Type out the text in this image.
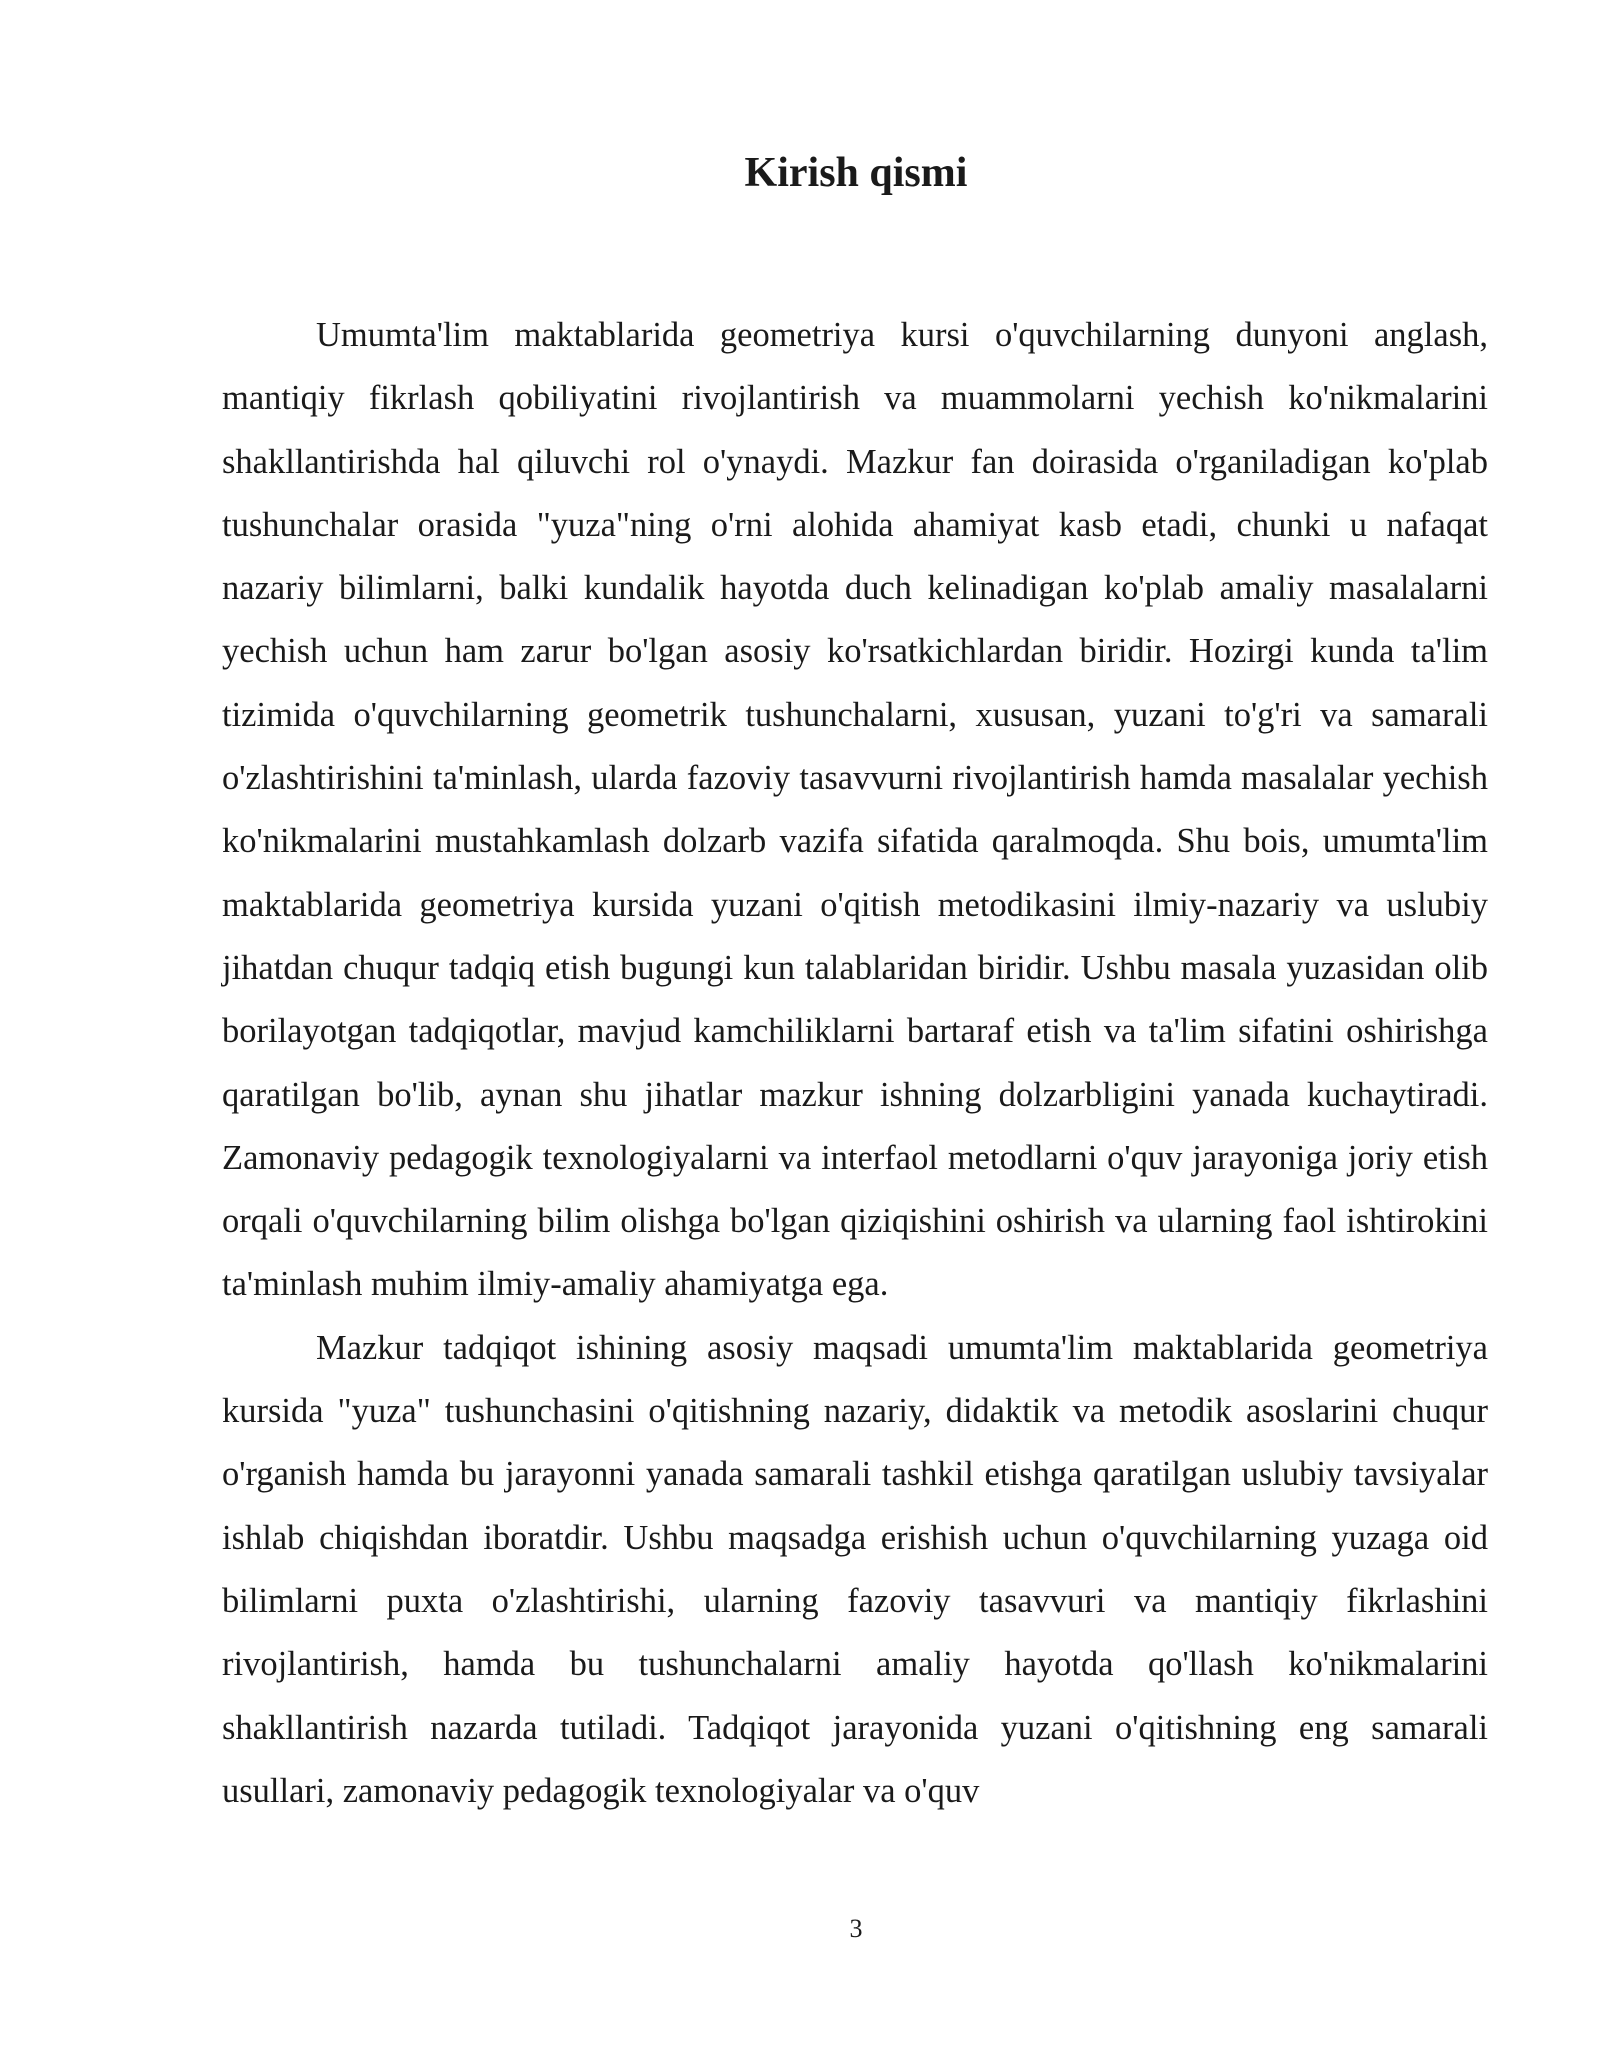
Kirish qismi

Umumta'lim maktablarida geometriya kursi o'quvchilarning dunyoni anglash, mantiqiy fikrlash qobiliyatini rivojlantirish va muammolarni yechish ko'nikmalarini shakllantirishda hal qiluvchi rol o'ynaydi. Mazkur fan doirasida o'rganiladigan ko'plab tushunchalar orasida "yuza"ning o'rni alohida ahamiyat kasb etadi, chunki u nafaqat nazariy bilimlarni, balki kundalik hayotda duch kelinadigan ko'plab amaliy masalalarni yechish uchun ham zarur bo'lgan asosiy ko'rsatkichlardan biridir. Hozirgi kunda ta'lim tizimida o'quvchilarning geometrik tushunchalarni, xususan, yuzani to'g'ri va samarali o'zlashtirishini ta'minlash, ularda fazoviy tasavvurni rivojlantirish hamda masalalar yechish ko'nikmalarini mustahkamlash dolzarb vazifa sifatida qaralmoqda. Shu bois, umumta'lim maktablarida geometriya kursida yuzani o'qitish metodikasini ilmiy-nazariy va uslubiy jihatdan chuqur tadqiq etish bugungi kun talablaridan biridir. Ushbu masala yuzasidan olib borilayotgan tadqiqotlar, mavjud kamchiliklarni bartaraf etish va ta'lim sifatini oshirishga qaratilgan bo'lib, aynan shu jihatlar mazkur ishning dolzarbligini yanada kuchaytiradi. Zamonaviy pedagogik texnologiyalarni va interfaol metodlarni o'quv jarayoniga joriy etish orqali o'quvchilarning bilim olishga bo'lgan qiziqishini oshirish va ularning faol ishtirokini ta'minlash muhim ilmiy-amaliy ahamiyatga ega.

Mazkur tadqiqot ishining asosiy maqsadi umumta'lim maktablarida geometriya kursida "yuza" tushunchasini o'qitishning nazariy, didaktik va metodik asoslarini chuqur o'rganish hamda bu jarayonni yanada samarali tashkil etishga qaratilgan uslubiy tavsiyalar ishlab chiqishdan iboratdir. Ushbu maqsadga erishish uchun o'quvchilarning yuzaga oid bilimlarni puxta o'zlashtirishi, ularning fazoviy tasavvuri va mantiqiy fikrlashini rivojlantirish, hamda bu tushunchalarni amaliy hayotda qo'llash ko'nikmalarini shakllantirish nazarda tutiladi. Tadqiqot jarayonida yuzani o'qitishning eng samarali usullari, zamonaviy pedagogik texnologiyalar va o'quv

3
